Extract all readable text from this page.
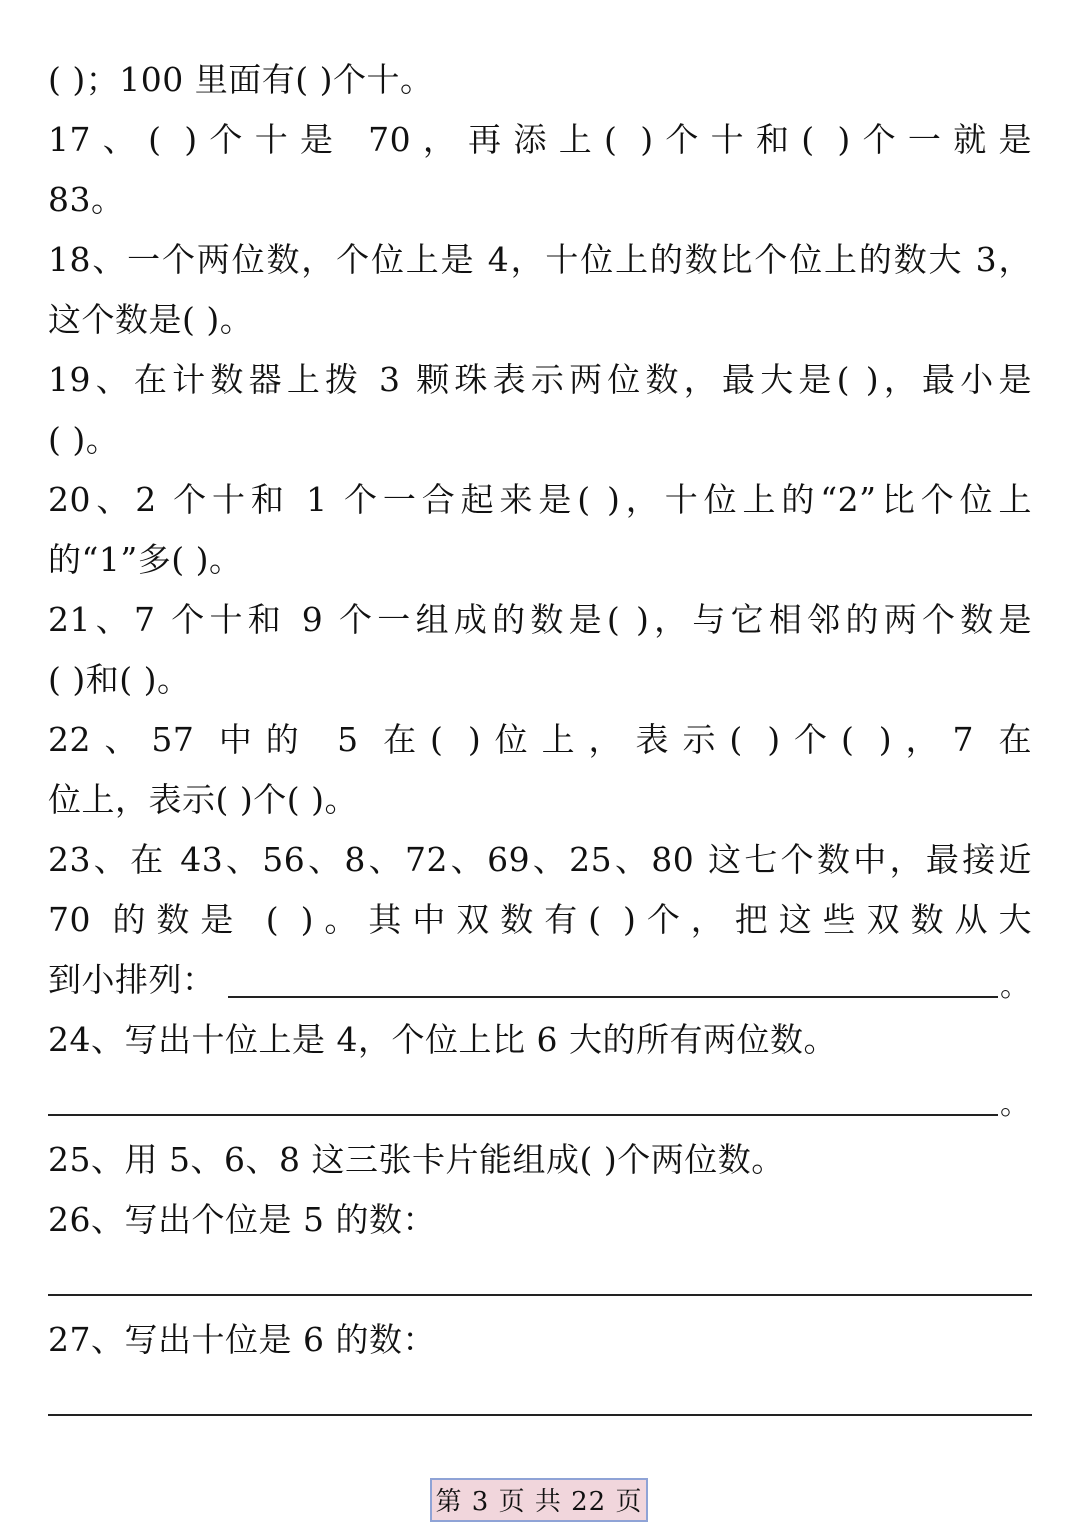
( )；100 里面有( )个十。
17、( )个十是 70，再添上( )个十和( )个一就是
83。
18、一个两位数，个位上是 4，十位上的数比个位上的数大 3，
这个数是( )。
19、在计数器上拨 3 颗珠表示两位数，最大是( )，最小是
( )。
20、2 个十和 1 个一合起来是( )，十位上的“2”比个位上
的“1”多( )。
21、7 个十和 9 个一组成的数是( )，与它相邻的两个数是
( )和( )。
22、57 中的 5 在( )位上，表示( )个( )，7 在
位上，表示( )个( )。
23、在 43、56、8、72、69、25、80 这七个数中，最接近
70 的数是 ( )。其中双数有( )个，把这些双数从大
到小排列：	。
24、写出十位上是 4，个位上比 6 大的所有两位数。
。
25、用 5、6、8 这三张卡片能组成( )个两位数。
26、写出个位是 5 的数：
27、写出十位是 6 的数：
第 3 页 共 22 页
